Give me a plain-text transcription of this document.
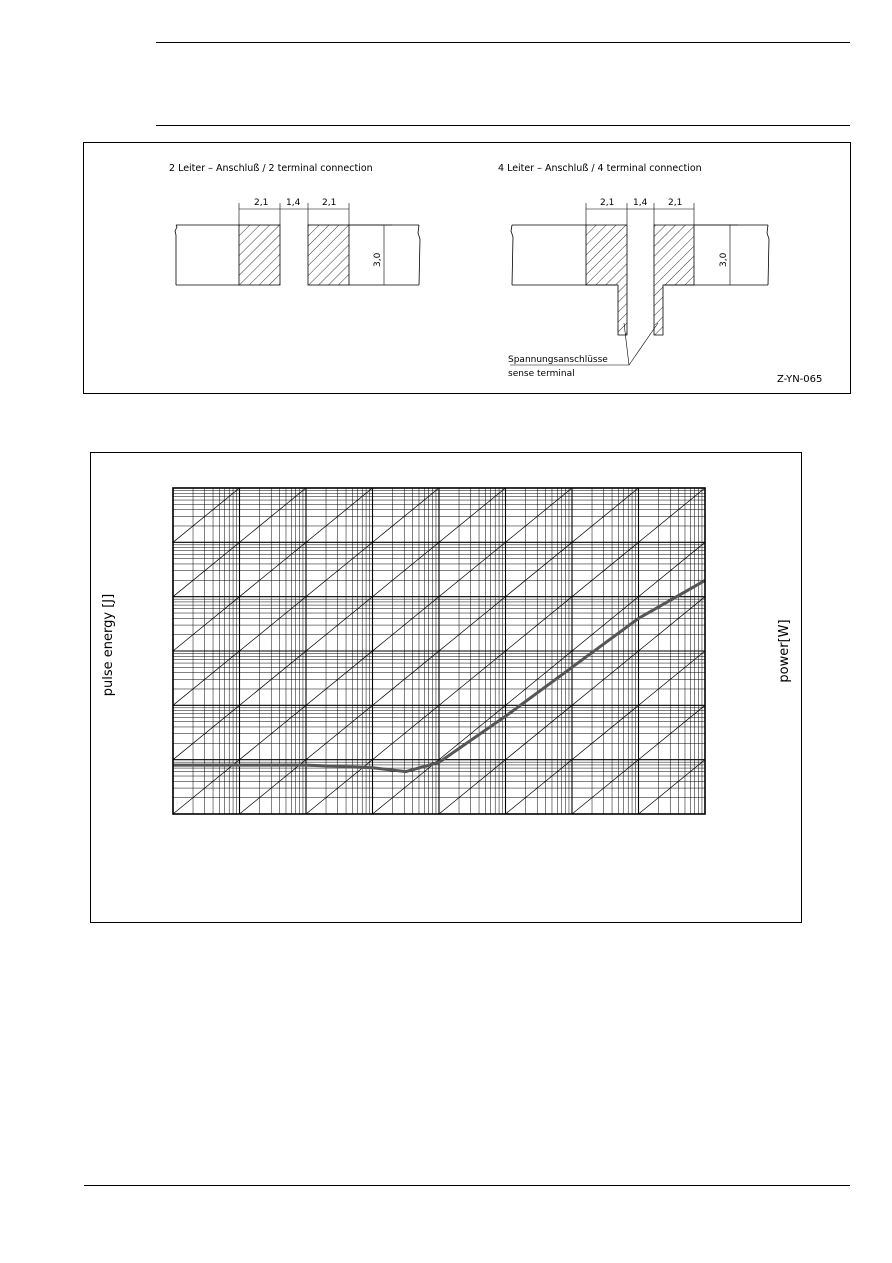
2 Leiter – Anschluß / 2 terminal connection	4 Leiter – Anschluß / 4 terminal connection
2,1 1,4 2,1
3,0
2,1 1,4 2,1
3,0
Spannungsanschlüsse
sense terminal	Z-YN-065
pulse energy [J]	power[W]
